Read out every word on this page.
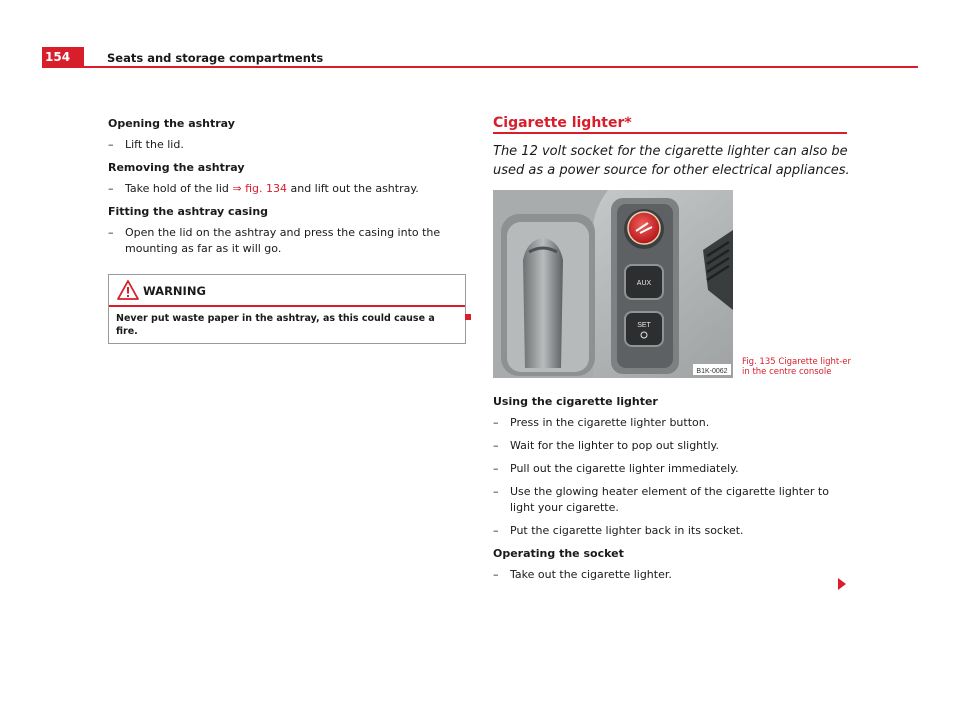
154	Seats and storage compartments
Opening the ashtray
– Lift the lid.
Removing the ashtray
– Take hold of the lid ⇒ fig. 134 and lift out the ashtray.
Fitting the ashtray casing
– Open the lid on the ashtray and press the casing into the mounting as far as it will go.
WARNING
Never put waste paper in the ashtray, as this could cause a fire.
Cigarette lighter*
The 12 volt socket for the cigarette lighter can also be used as a power source for other electrical appliances.
AUX
SET
B1K-0062
Fig. 135 Cigarette light-er in the centre console
Using the cigarette lighter
– Press in the cigarette lighter button.
– Wait for the lighter to pop out slightly.
– Pull out the cigarette lighter immediately.
– Use the glowing heater element of the cigarette lighter to light your cigarette.
– Put the cigarette lighter back in its socket.
Operating the socket
– Take out the cigarette lighter.
